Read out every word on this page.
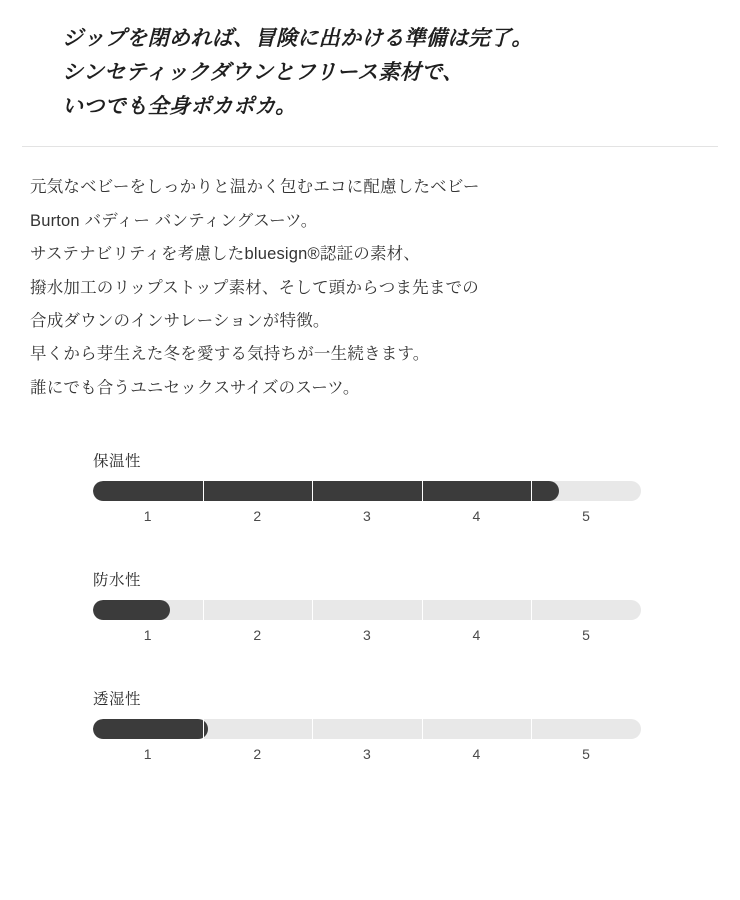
ジップを閉めれば、冒険に出かける準備は完了。
シンセティックダウンとフリース素材で、
いつでも全身ポカポカ。
元気なベビーをしっかりと温かく包むエコに配慮したベビー
Burton バディー バンティングスーツ。
サステナビリティを考慮したbluesign®認証の素材、
撥水加工のリップストップ素材、そして頭からつま先までの
合成ダウンのインサレーションが特徴。
早くから芽生えた冬を愛する気持ちが一生続きます。
誰にでも合うユニセックスサイズのスーツ。
保温性
1	2	3	4	5
防水性
1	2	3	4	5
透湿性
1	2	3	4	5
